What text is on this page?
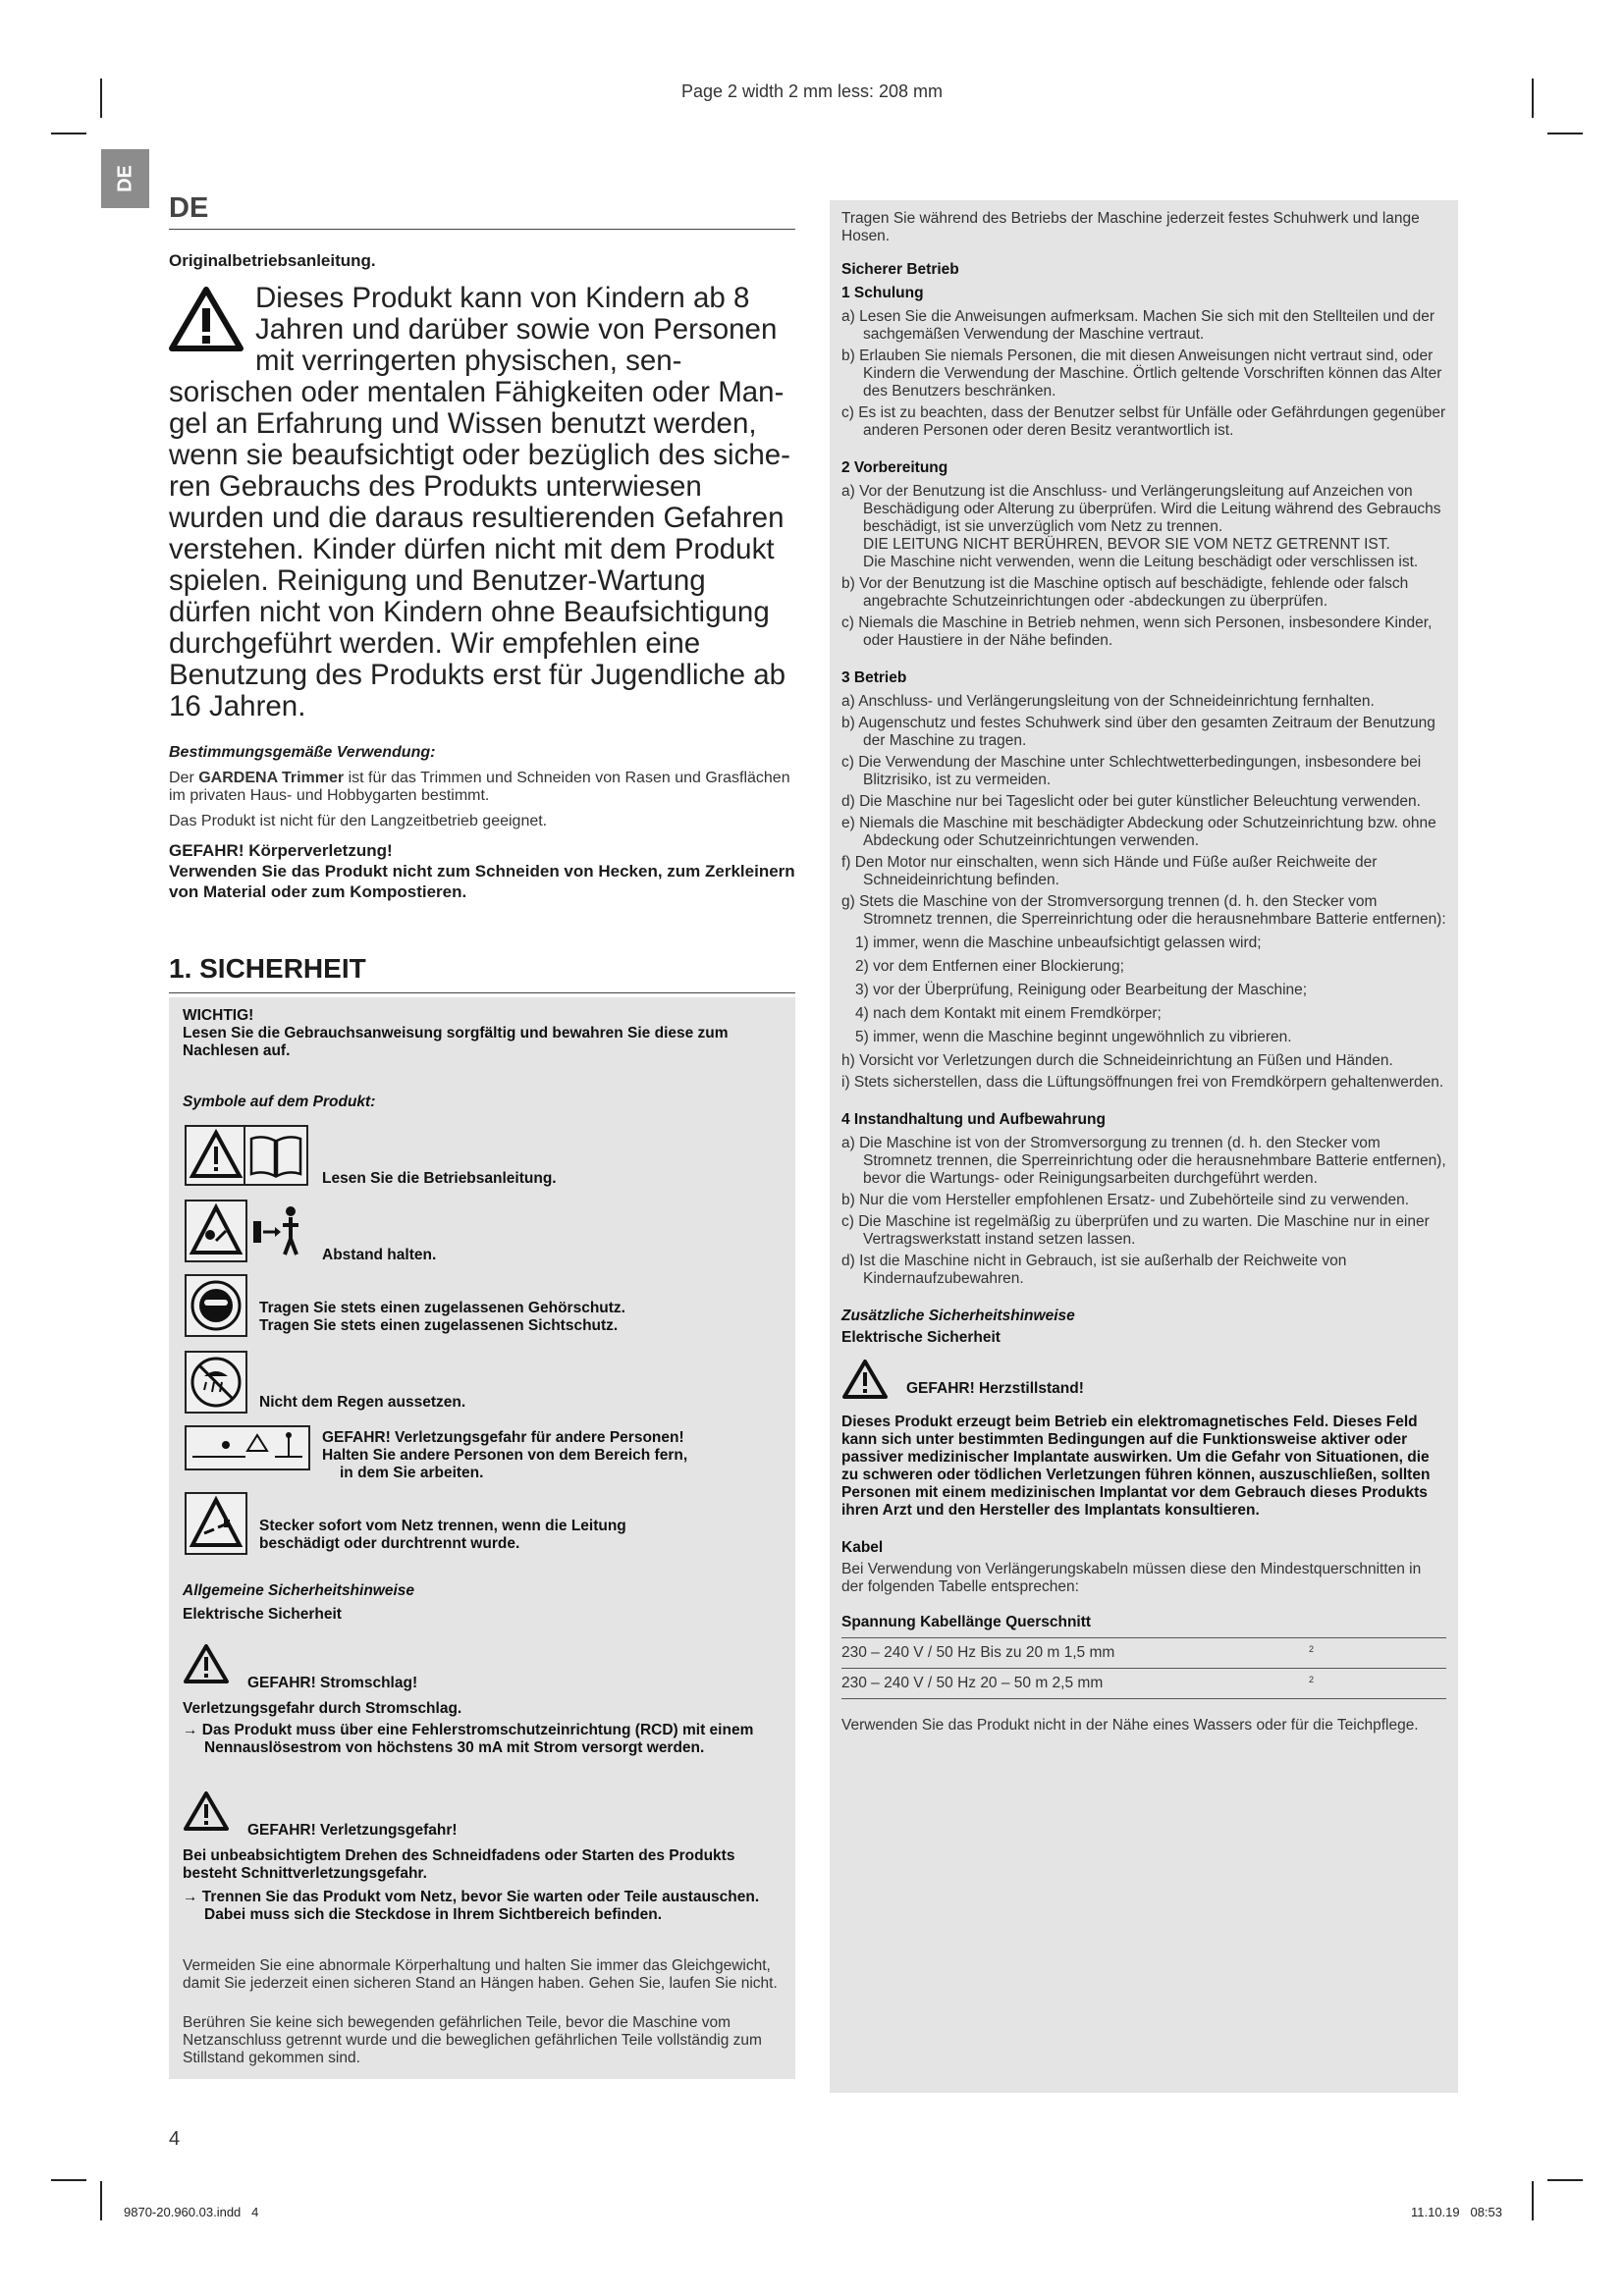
Page 2 width 2 mm less: 208 mm
DE
DE
Originalbetriebsanleitung.
Dieses Produkt kann von Kindern ab 8 Jahren und darüber sowie von Personen mit verringerten physischen, sensorischen oder mentalen Fähigkeiten oder Mangel an Erfahrung und Wissen benutzt werden, wenn sie beaufsichtigt oder bezüglich des sicheren Gebrauchs des Produkts unterwiesen wurden und die daraus resultierenden Gefahren verstehen. Kinder dürfen nicht mit dem Produkt spielen. Reinigung und Benutzer-Wartung dürfen nicht von Kindern ohne Beaufsichtigung durchgeführt werden. Wir empfehlen eine Benutzung des Produkts erst für Jugendliche ab 16 Jahren.
Bestimmungsgemäße Verwendung:
Der GARDENA Trimmer ist für das Trimmen und Schneiden von Rasen und Grasflächen im privaten Haus- und Hobbygarten bestimmt.
Das Produkt ist nicht für den Langzeitbetrieb geeignet.
GEFAHR! Körperverletzung!
Verwenden Sie das Produkt nicht zum Schneiden von Hecken, zum Zerkleinern von Material oder zum Kompostieren.
1. SICHERHEIT
WICHTIG!
Lesen Sie die Gebrauchsanweisung sorgfältig und bewahren Sie diese zum Nachlesen auf.
Symbole auf dem Produkt:
Lesen Sie die Betriebsanleitung.
Abstand halten.
Tragen Sie stets einen zugelassenen Gehörschutz.
Tragen Sie stets einen zugelassenen Sichtschutz.
Nicht dem Regen aussetzen.
GEFAHR! Verletzungsgefahr für andere Personen!
Halten Sie andere Personen von dem Bereich fern,
in dem Sie arbeiten.
Stecker sofort vom Netz trennen, wenn die Leitung
beschädigt oder durchtrennt wurde.
Allgemeine Sicherheitshinweise
Elektrische Sicherheit
GEFAHR! Stromschlag!
Verletzungsgefahr durch Stromschlag.
→ Das Produkt muss über eine Fehlerstromschutzeinrichtung (RCD) mit einem Nennauslösestrom von höchstens 30 mA mit Strom versorgt werden.
GEFAHR! Verletzungsgefahr!
Bei unbeabsichtigtem Drehen des Schneidfadens oder Starten des Produkts besteht Schnittverletzungsgefahr.
→ Trennen Sie das Produkt vom Netz, bevor Sie warten oder Teile austauschen. Dabei muss sich die Steckdose in Ihrem Sichtbereich befinden.
Vermeiden Sie eine abnormale Körperhaltung und halten Sie immer das Gleichgewicht, damit Sie jederzeit einen sicheren Stand an Hängen haben. Gehen Sie, laufen Sie nicht.
Berühren Sie keine sich bewegenden gefährlichen Teile, bevor die Maschine vom Netzanschluss getrennt wurde und die beweglichen gefährlichen Teile vollständig zum Stillstand gekommen sind.
Tragen Sie während des Betriebs der Maschine jederzeit festes Schuhwerk und lange Hosen.
Sicherer Betrieb
1 Schulung
a) Lesen Sie die Anweisungen aufmerksam. Machen Sie sich mit den Stellteilen und der sachgemäßen Verwendung der Maschine vertraut.
b) Erlauben Sie niemals Personen, die mit diesen Anweisungen nicht vertraut sind, oder Kindern die Verwendung der Maschine. Örtlich geltende Vorschriften können das Alter des Benutzers beschränken.
c) Es ist zu beachten, dass der Benutzer selbst für Unfälle oder Gefährdungen gegenüber anderen Personen oder deren Besitz verantwortlich ist.
2 Vorbereitung
a) Vor der Benutzung ist die Anschluss- und Verlängerungsleitung auf Anzeichen von Beschädigung oder Alterung zu überprüfen. Wird die Leitung während des Gebrauchs beschädigt, ist sie unverzüglich vom Netz zu trennen.
DIE LEITUNG NICHT BERÜHREN, BEVOR SIE VOM NETZ GETRENNT IST.
Die Maschine nicht verwenden, wenn die Leitung beschädigt oder verschlissen ist.
b) Vor der Benutzung ist die Maschine optisch auf beschädigte, fehlende oder falsch angebrachte Schutzeinrichtungen oder -abdeckungen zu überprüfen.
c) Niemals die Maschine in Betrieb nehmen, wenn sich Personen, insbesondere Kinder, oder Haustiere in der Nähe befinden.
3 Betrieb
a) Anschluss- und Verlängerungsleitung von der Schneideinrichtung fernhalten.
b) Augenschutz und festes Schuhwerk sind über den gesamten Zeitraum der Benutzung der Maschine zu tragen.
c) Die Verwendung der Maschine unter Schlechtwetterbedingungen, insbesondere bei Blitzrisiko, ist zu vermeiden.
d) Die Maschine nur bei Tageslicht oder bei guter künstlicher Beleuchtung verwenden.
e) Niemals die Maschine mit beschädigter Abdeckung oder Schutzeinrichtung bzw. ohne Abdeckung oder Schutzeinrichtungen verwenden.
f) Den Motor nur einschalten, wenn sich Hände und Füße außer Reichweite der Schneideinrichtung befinden.
g) Stets die Maschine von der Stromversorgung trennen (d. h. den Stecker vom Stromnetz trennen, die Sperreinrichtung oder die herausnehmbare Batterie entfernen):
1) immer, wenn die Maschine unbeaufsichtigt gelassen wird;
2) vor dem Entfernen einer Blockierung;
3) vor der Überprüfung, Reinigung oder Bearbeitung der Maschine;
4) nach dem Kontakt mit einem Fremdkörper;
5) immer, wenn die Maschine beginnt ungewöhnlich zu vibrieren.
h) Vorsicht vor Verletzungen durch die Schneideinrichtung an Füßen und Händen.
i) Stets sicherstellen, dass die Lüftungsöffnungen frei von Fremdkörpern gehaltenwerden.
4 Instandhaltung und Aufbewahrung
a) Die Maschine ist von der Stromversorgung zu trennen (d. h. den Stecker vom Stromnetz trennen, die Sperreinrichtung oder die herausnehmbare Batterie entfernen), bevor die Wartungs- oder Reinigungsarbeiten durchgeführt werden.
b) Nur die vom Hersteller empfohlenen Ersatz- und Zubehörteile sind zu verwenden.
c) Die Maschine ist regelmäßig zu überprüfen und zu warten. Die Maschine nur in einer Vertragswerkstatt instand setzen lassen.
d) Ist die Maschine nicht in Gebrauch, ist sie außerhalb der Reichweite von Kindernaufzubewahren.
Zusätzliche Sicherheitshinweise
Elektrische Sicherheit
GEFAHR! Herzstillstand!
Dieses Produkt erzeugt beim Betrieb ein elektromagnetisches Feld. Dieses Feld kann sich unter bestimmten Bedingungen auf die Funktionsweise aktiver oder passiver medizinischer Implantate auswirken. Um die Gefahr von Situationen, die zu schweren oder tödlichen Verletzungen führen können, auszuschließen, sollten Personen mit einem medizinischen Implantat vor dem Gebrauch dieses Produkts ihren Arzt und den Hersteller des Implantats konsultieren.
Kabel
Bei Verwendung von Verlängerungskabeln müssen diese den Mindestquerschnitten in der folgenden Tabelle entsprechen:
Spannung Kabellänge Querschnitt
230 – 240 V / 50 Hz Bis zu 20 m 1,5 mm	2
230 – 240 V / 50 Hz 20 – 50 m 2,5 mm	2
Verwenden Sie das Produkt nicht in der Nähe eines Wassers oder für die Teichpflege.
4
9870-20.960.03.indd   4	11.10.19   08:53
